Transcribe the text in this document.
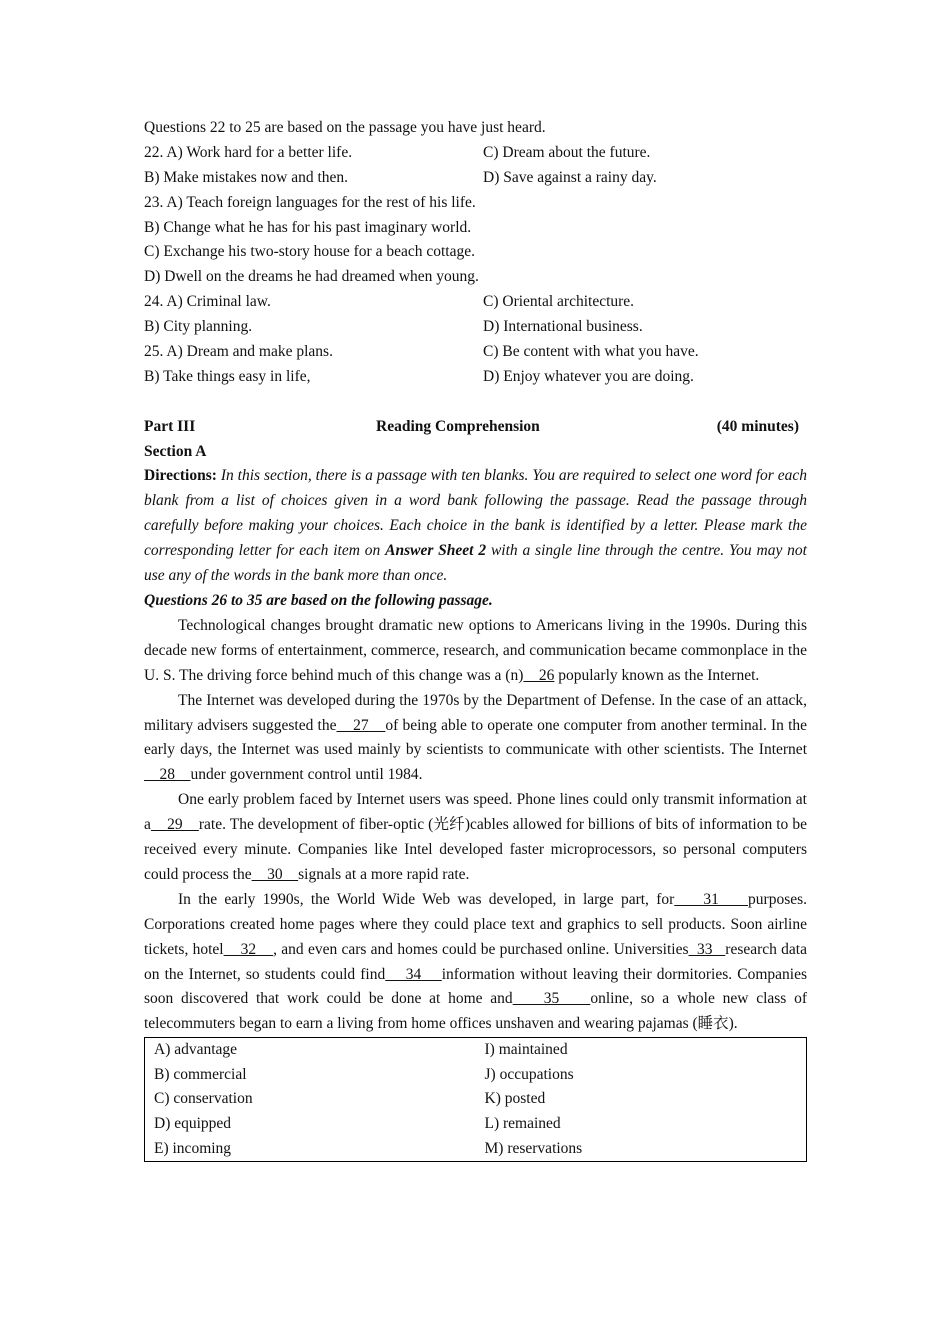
Questions 22 to 25 are based on the passage you have just heard.
22. A) Work hard for a better life.	C) Dream about the future.
B) Make mistakes now and then.	D) Save against a rainy day.
23. A) Teach foreign languages for the rest of his life.
B) Change what he has for his past imaginary world.
C) Exchange his two-story house for a beach cottage.
D) Dwell on the dreams he had dreamed when young.
24. A) Criminal law.	C) Oriental architecture.
B) City planning.	D) International business.
25. A) Dream and make plans.	C) Be content with what you have.
B) Take things easy in life,	D) Enjoy whatever you are doing.
Part III	Reading Comprehension	(40 minutes)
Section A
Directions: In this section, there is a passage with ten blanks. You are required to select one word for each blank from a list of choices given in a word bank following the passage. Read the passage through carefully before making your choices. Each choice in the bank is identified by a letter. Please mark the corresponding letter for each item on Answer Sheet 2 with a single line through the centre. You may not use any of the words in the bank more than once.
Questions 26 to 35 are based on the following passage.
Technological changes brought dramatic new options to Americans living in the 1990s. During this decade new forms of entertainment, commerce, research, and communication became commonplace in the U. S. The driving force behind much of this change was a (n)    26 popularly known as the Internet.
The Internet was developed during the 1970s by the Department of Defense. In the case of an attack, military advisers suggested the    27    of being able to operate one computer from another terminal. In the early days, the Internet was used mainly by scientists to communicate with other scientists. The Internet    28    under government control until 1984.
One early problem faced by Internet users was speed. Phone lines could only transmit information at a    29    rate. The development of fiber-optic (光纤)cables allowed for billions of bits of information to be received every minute. Companies like Intel developed faster microprocessors, so personal computers could process the    30    signals at a more rapid rate.
In the early 1990s, the World Wide Web was developed, in large part, for    31    purposes. Corporations created home pages where they could place text and graphics to sell products. Soon airline tickets, hotel    32    , and even cars and homes could be purchased online. Universities  33   research data on the Internet, so students could find    34    information without leaving their dormitories. Companies soon discovered that work could be done at home and    35    online, so a whole new class of telecommuters began to earn a living from home offices unshaven and wearing pajamas (睡衣).
A) advantage	I) maintained
B) commercial	J) occupations
C) conservation	K) posted
D) equipped	L) remained
E) incoming	M) reservations
